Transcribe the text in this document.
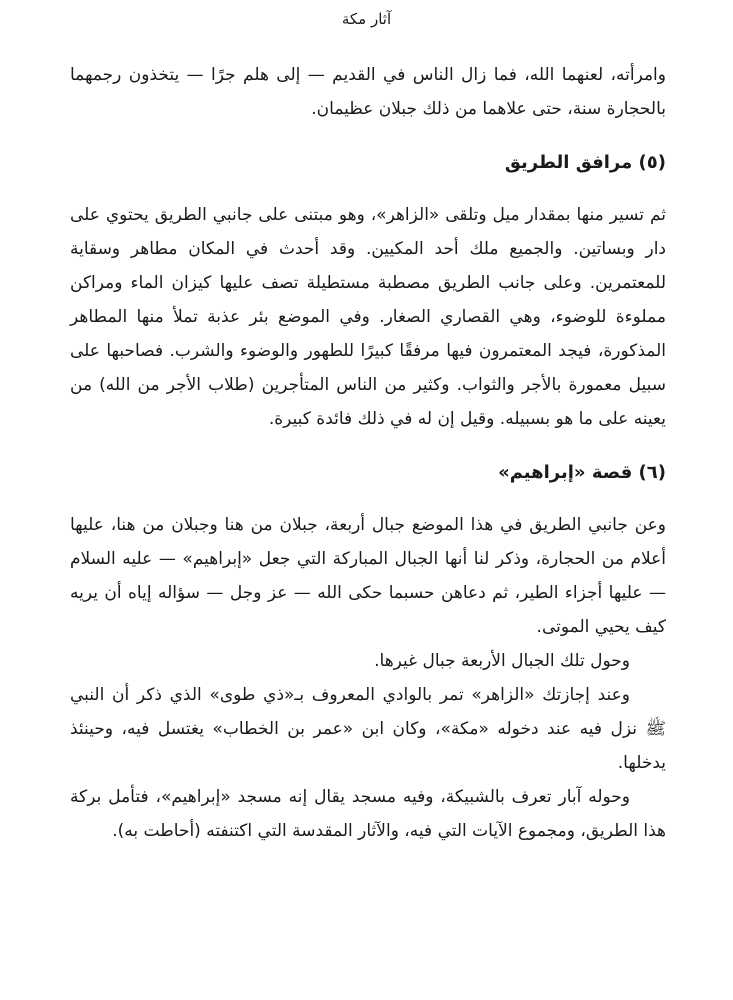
آثار مكة

وامرأته، لعنهما الله، فما زال الناس في القديم — إلى هلم جرًا — يتخذون رجمهما بالحجارة سنة، حتى علاهما من ذلك جبلان عظيمان.

(٥) مرافق الطريق

ثم تسير منها بمقدار ميل وتلقى «الزاهر»، وهو مبتنى على جانبي الطريق يحتوي على دار وبساتين. والجميع ملك أحد المكيين. وقد أحدث في المكان مطاهر وسقاية للمعتمرين. وعلى جانب الطريق مصطبة مستطيلة تصف عليها كيزان الماء ومراكن مملوءة للوضوء، وهي القصاري الصغار. وفي الموضع بئر عذبة تملأ منها المطاهر المذكورة، فيجد المعتمرون فيها مرفقًا كبيرًا للطهور والوضوء والشرب. فصاحبها على سبيل معمورة بالأجر والثواب. وكثير من الناس المتأجرين (طلاب الأجر من الله) من يعينه على ما هو بسبيله. وقيل إن له في ذلك فائدة كبيرة.

(٦) قصة «إبراهيم»

وعن جانبي الطريق في هذا الموضع جبال أربعة، جبلان من هنا وجبلان من هنا، عليها أعلام من الحجارة، وذكر لنا أنها الجبال المباركة التي جعل «إبراهيم» — عليه السلام — عليها أجزاء الطير، ثم دعاهن حسبما حكى الله — عز وجل — سؤاله إياه أن يريه كيف يحيي الموتى.

وحول تلك الجبال الأربعة جبال غيرها.

وعند إجازتك «الزاهر» تمر بالوادي المعروف بـ«ذي طوى» الذي ذكر أن النبي ﷺ نزل فيه عند دخوله «مكة»، وكان ابن «عمر بن الخطاب» يغتسل فيه، وحينئذ يدخلها.

وحوله آبار تعرف بالشبيكة، وفيه مسجد يقال إنه مسجد «إبراهيم»، فتأمل بركة هذا الطريق، ومجموع الآيات التي فيه، والآثار المقدسة التي اكتنفته (أحاطت به).
